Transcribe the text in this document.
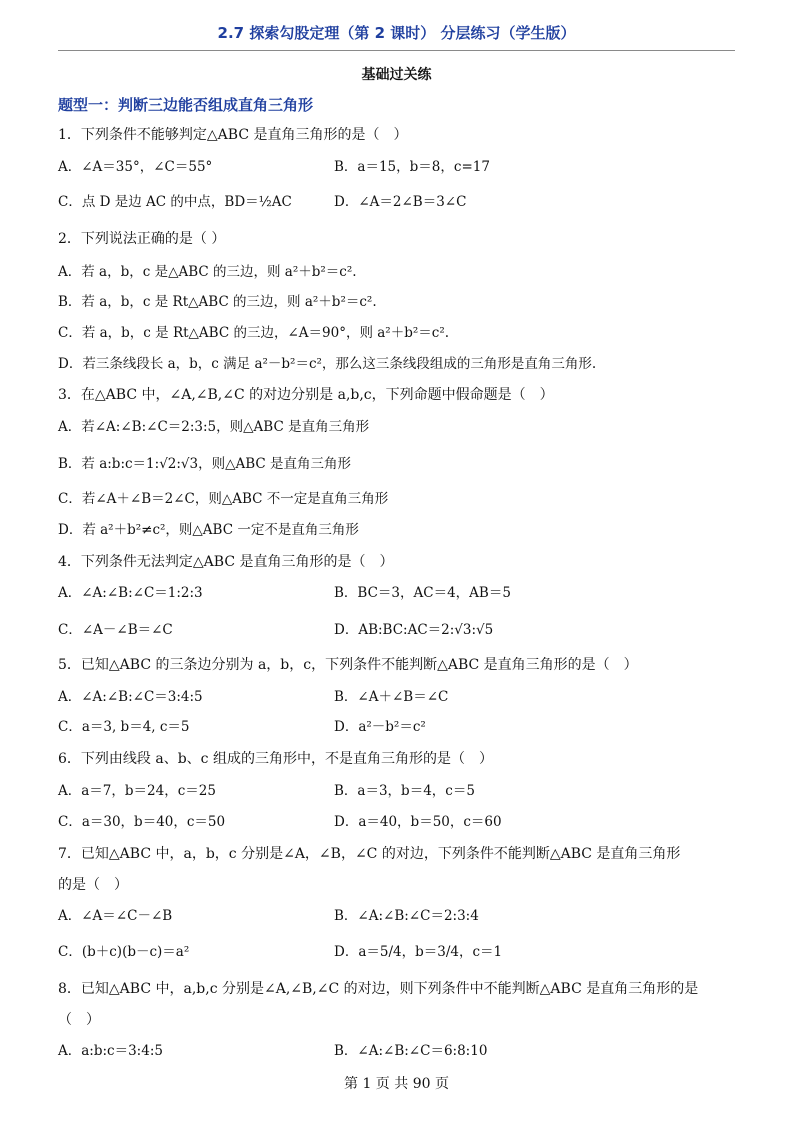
2.7 探索勾股定理（第 2 课时） 分层练习（学生版）
基础过关练
题型一：判断三边能否组成直角三角形
1．下列条件不能够判定△ABC 是直角三角形的是（　）
A．∠A＝35°，∠C＝55°	B．a＝15，b＝8，c=17
C．点 D 是边 AC 的中点，BD＝½AC	D．∠A＝2∠B＝3∠C
2．下列说法正确的是（ ）
A．若 a，b，c 是△ABC 的三边，则 a²＋b²＝c².
B．若 a，b，c 是 Rt△ABC 的三边，则 a²＋b²＝c².
C．若 a，b，c 是 Rt△ABC 的三边，∠A＝90°，则 a²＋b²＝c².
D．若三条线段长 a，b，c 满足 a²－b²＝c²，那么这三条线段组成的三角形是直角三角形.
3．在△ABC 中，∠A,∠B,∠C 的对边分别是 a,b,c，下列命题中假命题是（　）
A．若∠A:∠B:∠C＝2:3:5，则△ABC 是直角三角形
B．若 a:b:c＝1:√2:√3，则△ABC 是直角三角形
C．若∠A＋∠B＝2∠C，则△ABC 不一定是直角三角形
D．若 a²＋b²≠c²，则△ABC 一定不是直角三角形
4．下列条件无法判定△ABC 是直角三角形的是（　）
A．∠A:∠B:∠C＝1:2:3	B．BC＝3，AC＝4，AB＝5
C．∠A－∠B＝∠C	D．AB:BC:AC＝2:√3:√5
5．已知△ABC 的三条边分别为 a，b，c，下列条件不能判断△ABC 是直角三角形的是（　）
A．∠A:∠B:∠C＝3:4:5	B．∠A＋∠B＝∠C
C．a＝3, b＝4, c＝5	D．a²－b²＝c²
6．下列由线段 a、b、c 组成的三角形中，不是直角三角形的是（　）
A．a＝7，b＝24，c＝25	B．a＝3，b＝4，c＝5
C．a＝30，b＝40，c＝50	D．a＝40，b＝50，c＝60
7．已知△ABC 中，a，b，c 分别是∠A，∠B，∠C 的对边，下列条件不能判断△ABC 是直角三角形
的是（　）
A．∠A＝∠C－∠B	B．∠A:∠B:∠C＝2:3:4
C．(b＋c)(b－c)＝a²	D．a＝5/4，b＝3/4，c＝1
8．已知△ABC 中，a,b,c 分别是∠A,∠B,∠C 的对边，则下列条件中不能判断△ABC 是直角三角形的是
（　）
A．a:b:c＝3:4:5	B．∠A:∠B:∠C＝6:8:10
第 1 页 共 90 页
